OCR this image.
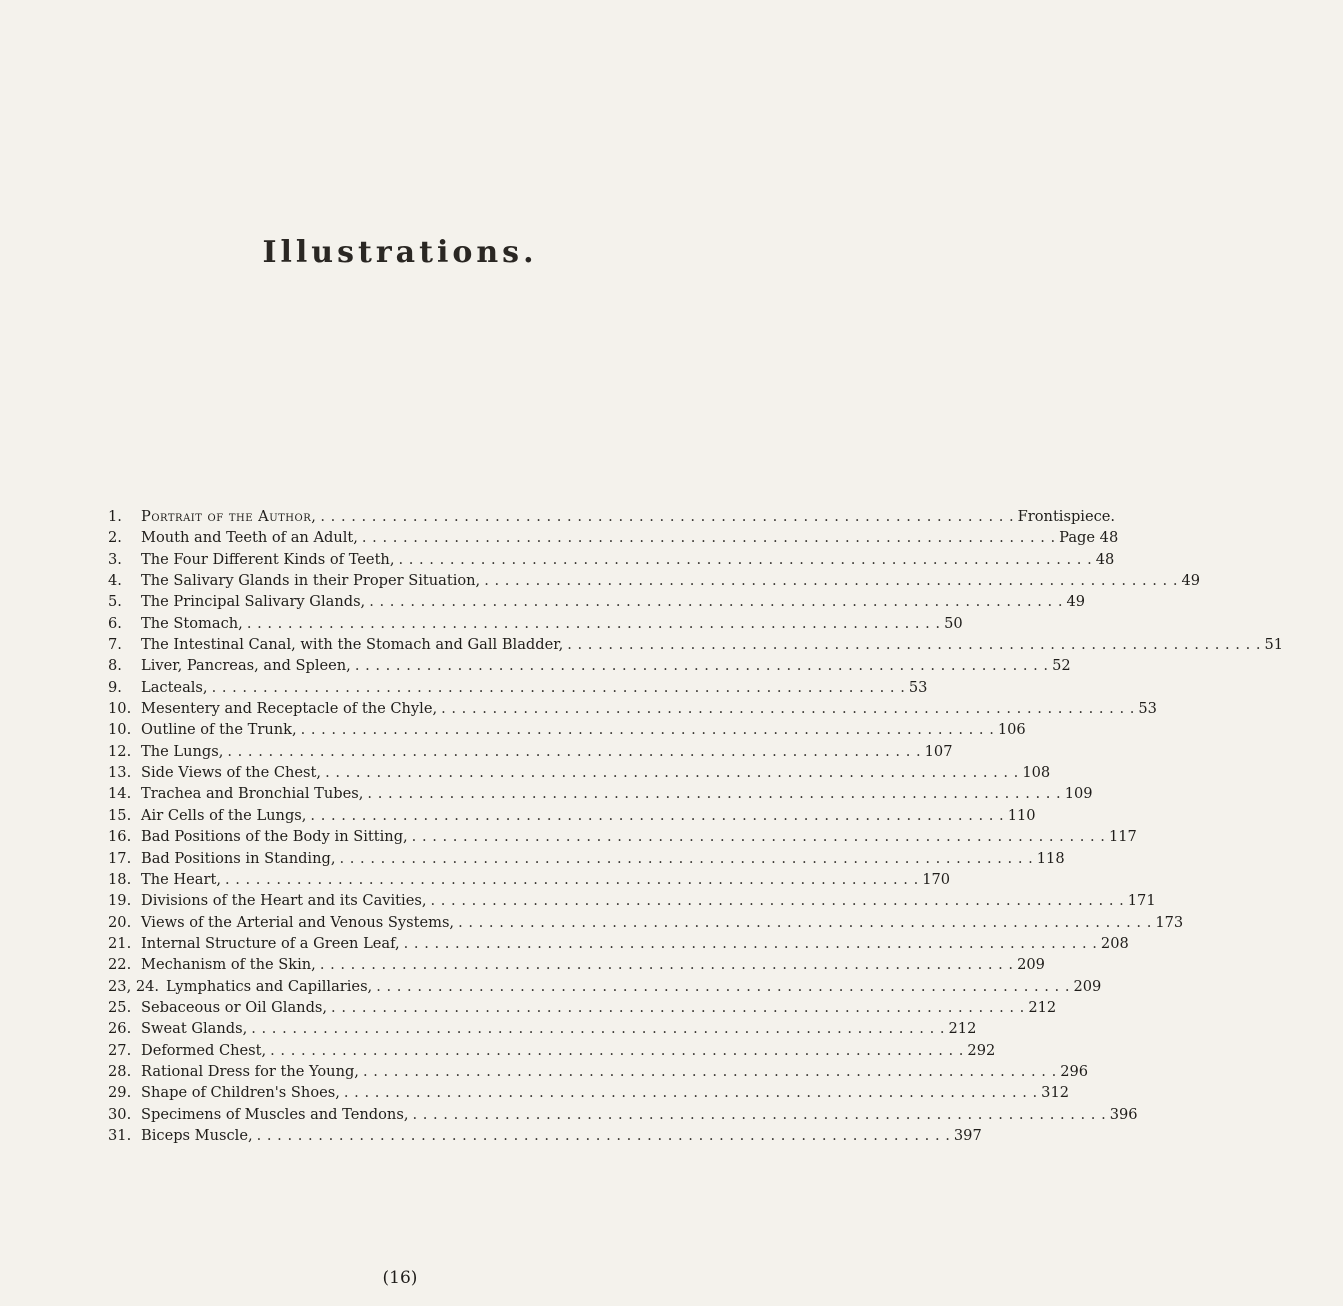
Illustrations.
1.	Portrait of the Author, . . .	Frontispiece.
2.	Mouth and Teeth of an Adult, . . .	Page 48
3.	The Four Different Kinds of Teeth, . . .	48
4.	The Salivary Glands in their Proper Situation, . . .	49
5.	The Principal Salivary Glands, . . .	49
6.	The Stomach, . . .	50
7.	The Intestinal Canal, with the Stomach and Gall Bladder, . . .	51
8.	Liver, Pancreas, and Spleen, . . .	52
9.	Lacteals, . . .	53
10. Mesentery and Receptacle of the Chyle, . . .	53
10. Outline of the Trunk, . . .	106
12. The Lungs, . . .	107
13. Side Views of the Chest, . . .	108
14. Trachea and Bronchial Tubes, . . .	109
15. Air Cells of the Lungs, . . .	110
16. Bad Positions of the Body in Sitting, . . .	117
17. Bad Positions in Standing, . . .	118
18. The Heart, . . .	170
19. Divisions of the Heart and its Cavities, . . .	171
20. Views of the Arterial and Venous Systems, . . .	173
21. Internal Structure of a Green Leaf, . . .	208
22. Mechanism of the Skin, . . .	209
23, 24. Lymphatics and Capillaries, . . .	209
25. Sebaceous or Oil Glands, . . .	212
26. Sweat Glands, . . .	212
27. Deformed Chest, . . .	292
28. Rational Dress for the Young, . . .	296
29. Shape of Children's Shoes, . . .	312
30. Specimens of Muscles and Tendons, . . .	396
31. Biceps Muscle, . . .	397
(16)
